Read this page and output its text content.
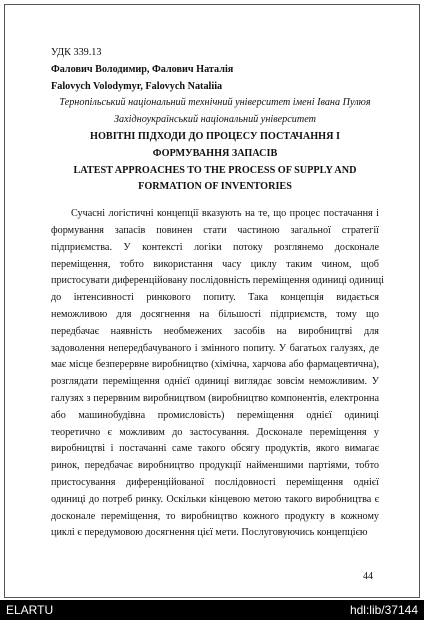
УДК 339.13
Фалович Володимир, Фалович Наталія
Falovych Volodymyr, Falovych Nataliia
Тернопільський національний технічний університет імені Івана Пулюя
Західноукраїнський національний університет
НОВІТНІ ПІДХОДИ ДО ПРОЦЕСУ ПОСТАЧАННЯ І
ФОРМУВАННЯ ЗАПАСІВ
LATEST APPROACHES TO THE PROCESS OF SUPPLY AND
FORMATION OF INVENTORIES
Сучасні логістичні концепції вказують на те, що процес постачання і
формування запасів повинен стати частиною загальної стратегії
підприємства. У контексті логіки потоку розглянемо досконале
переміщення, тобто використання часу циклу таким чином, щоб
пристосувати диференційовану послідовність переміщення одиниці одиниці
до інтенсивності ринкового попиту. Така концепція видається
неможливою для досягнення на більшості підприємств, тому що
передбачає наявність необмежених засобів на виробництві для
задоволення непередбачуваного і змінного попиту. У багатьох галузях, де
має місце безперервне виробництво (хімічна, харчова або фармацевтична),
розглядати переміщення однієї одиниці виглядає зовсім неможливим. У
галузях з перервним виробництвом (виробництво компонентів, електронна
або машинобудівна промисловість) переміщення однієї одиниці
теоретично є можливим до застосування. Досконале переміщення у
виробництві і постачанні саме такого обсягу продуктів, якого вимагає
ринок, передбачає виробництво продукції найменшими партіями, тобто
пристосування диференційованої послідовності переміщення однієї
одиниці до потреб ринку. Оскільки кінцевою метою такого виробництва є
досконале переміщення, то виробництво кожного продукту в кожному
циклі є передумовою досягнення цієї мети. Послуговуючись концепцією
44
ELARTU	hdl:lib/37144
